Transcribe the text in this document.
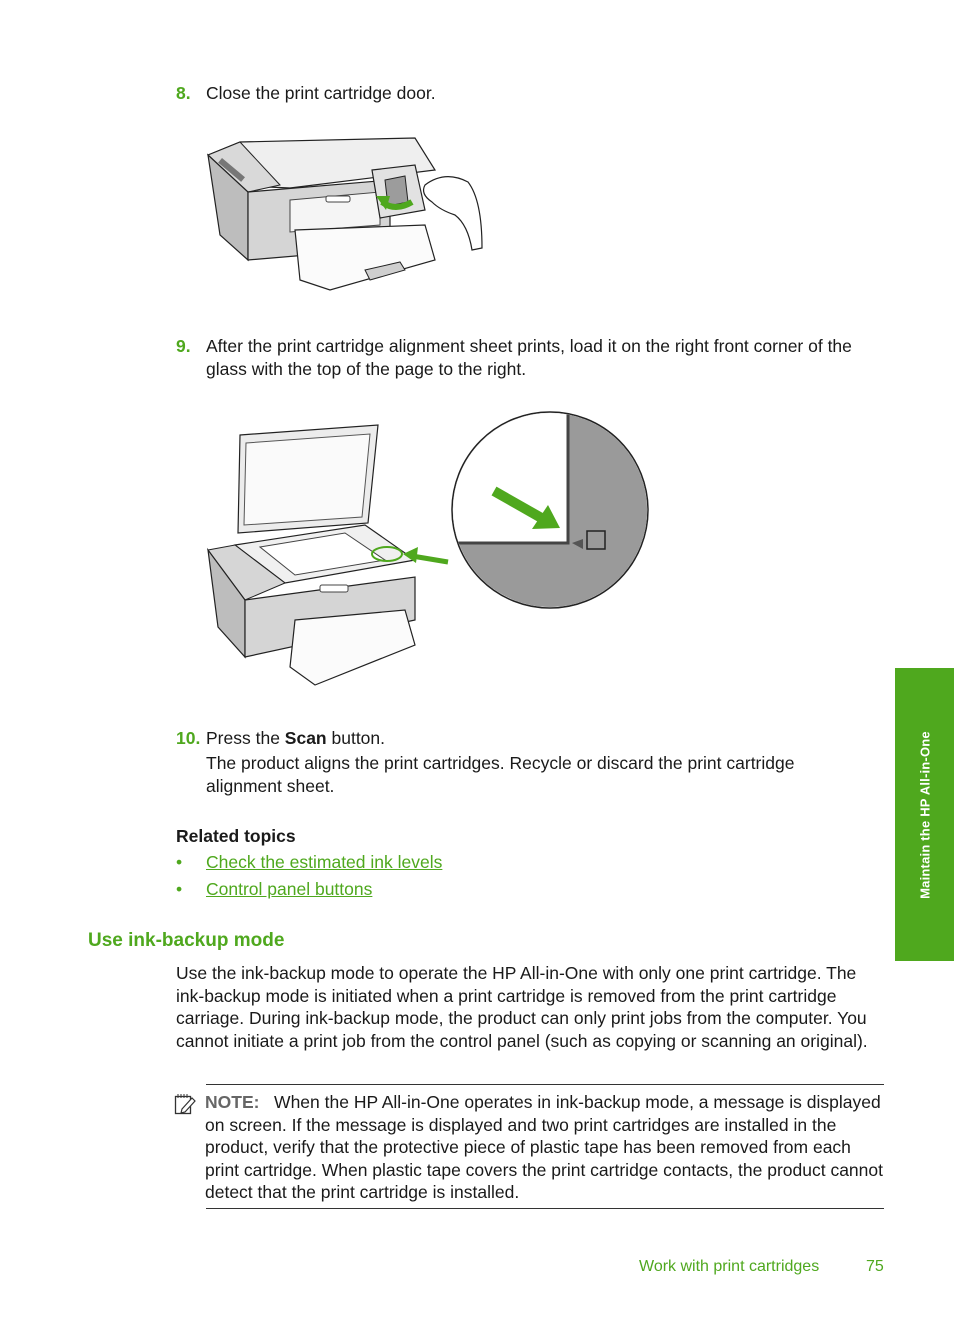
8. Close the print cartridge door.
9. After the print cartridge alignment sheet prints, load it on the right front corner of the glass with the top of the page to the right.
10. Press the Scan button.
The product aligns the print cartridges. Recycle or discard the print cartridge alignment sheet.
Related topics
• Check the estimated ink levels
• Control panel buttons
Use ink-backup mode
Use the ink-backup mode to operate the HP All-in-One with only one print cartridge. The ink-backup mode is initiated when a print cartridge is removed from the print cartridge carriage. During ink-backup mode, the product can only print jobs from the computer. You cannot initiate a print job from the control panel (such as copying or scanning an original).
NOTE: When the HP All-in-One operates in ink-backup mode, a message is displayed on screen. If the message is displayed and two print cartridges are installed in the product, verify that the protective piece of plastic tape has been removed from each print cartridge. When plastic tape covers the print cartridge contacts, the product cannot detect that the print cartridge is installed.
Maintain the HP All-in-One
Work with print cartridges	75
